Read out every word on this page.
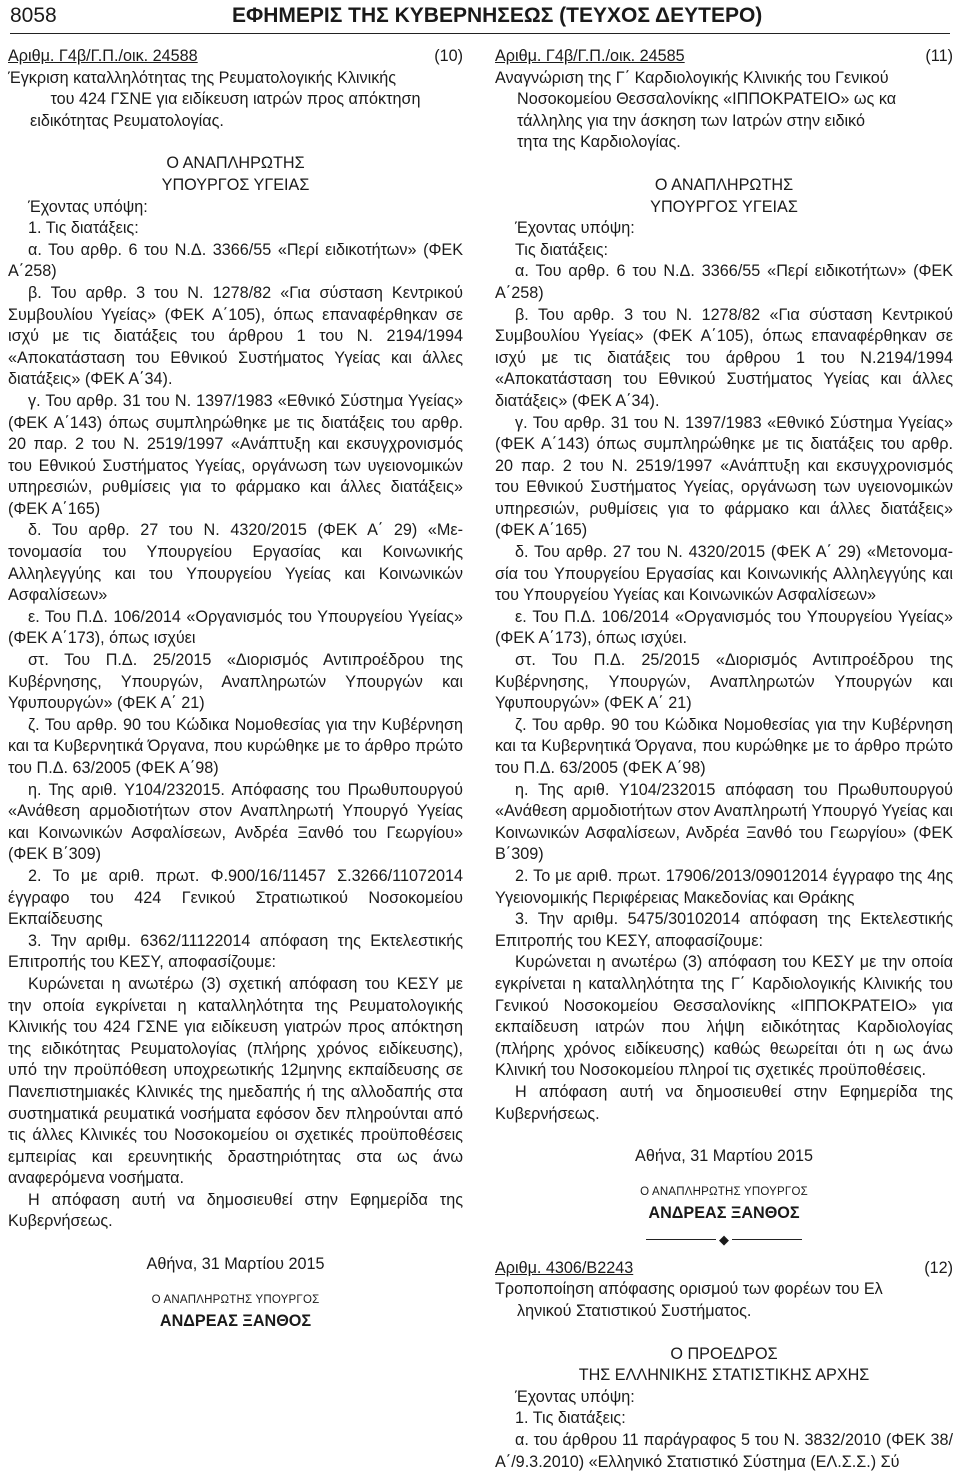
8058	ΕΦΗΜΕΡΙΣ ΤΗΣ ΚΥΒΕΡΝΗΣΕΩΣ (ΤΕΥΧΟΣ ΔΕΥΤΕΡΟ)
Αριθμ. Γ4β/Γ.Π./οικ. 24588	(10)
Έγκριση καταλληλότητας της Ρευματολογικής Κλινικής
του 424 ΓΣΝΕ για ειδίκευση ιατρών προς απόκτηση
ειδικότητας Ρευματολογίας.
Ο ΑΝΑΠΛΗΡΩΤΗΣ
ΥΠΟΥΡΓΟΣ ΥΓΕΙΑΣ
Έχοντας υπόψη:
1. Τις διατάξεις:

α. Του αρθρ. 6 του Ν.Δ. 3366/55 «Περί ειδικοτήτων» (ΦΕΚ Α΄258)

β. Του αρθρ. 3 του Ν. 1278/82 «Για σύσταση Κεντρικού Συμβουλίου Υγείας» (ΦΕΚ Α΄105), όπως επαναφέρθηκαν σε ισχύ με τις διατάξεις του άρθρου 1 του Ν. 2194/1994 «Αποκατάσταση του Εθνικού Συστήματος Υγείας και άλλες διατάξεις» (ΦΕΚ Α΄34).

γ. Του αρθρ. 31 του Ν. 1397/1983 «Εθνικό Σύστημα Υγείας» (ΦΕΚ Α΄143) όπως συμπληρώθηκε με τις διατάξεις του αρθρ. 20 παρ. 2 του Ν. 2519/1997 «Ανάπτυξη και εκσυγχρονισμός του Εθνικού Συστήματος Υγείας, οργάνωση των υγειονομικών υπηρεσιών, ρυθμίσεις για το φάρμακο και άλλες διατάξεις» (ΦΕΚ Α΄165)

δ. Του αρθρ. 27 του Ν. 4320/2015 (ΦΕΚ Α΄ 29) «Μετονομασία του Υπουργείου Εργασίας και Κοινωνικής Αλληλεγγύης και του Υπουργείου Υγείας και Κοινωνικών Ασφαλίσεων»

ε. Του Π.Δ. 106/2014 «Οργανισμός του Υπουργείου Υγείας» (ΦΕΚ Α΄173), όπως ισχύει

στ. Του Π.Δ. 25/2015 «Διορισμός Αντιπροέδρου της Κυβέρνησης, Υπουργών, Αναπληρωτών Υπουργών και Υφυπουργών» (ΦΕΚ Α΄ 21)

ζ. Του αρθρ. 90 του Κώδικα Νομοθεσίας για την Κυβέρνηση και τα Κυβερνητικά Όργανα, που κυρώθηκε με το άρθρο πρώτο του Π.Δ. 63/2005 (ΦΕΚ Α΄98)

η. Της αριθ. Υ104/232015. Απόφασης του Πρωθυπουργού «Ανάθεση αρμοδιοτήτων στον Αναπληρωτή Υπουργό Υγείας και Κοινωνικών Ασφαλίσεων, Ανδρέα Ξανθό του Γεωργίου» (ΦΕΚ Β΄309)

2. Το με αριθ. πρωτ. Φ.900/16/11457 Σ.3266/11072014 έγγραφο του 424 Γενικού Στρατιωτικού Νοσοκομείου Εκπαίδευσης

3. Την αριθμ. 6362/11122014 απόφαση της Εκτελεστικής Επιτροπής του ΚΕΣΥ, αποφασίζουμε:

Κυρώνεται η ανωτέρω (3) σχετική απόφαση του ΚΕΣΥ με την οποία εγκρίνεται η καταλληλότητα της Ρευματολογικής Κλινικής του 424 ΓΣΝΕ για ειδίκευση γιατρών προς απόκτηση της ειδικότητας Ρευματολογίας (πλήρης χρόνος ειδίκευσης), υπό την προϋπόθεση υποχρεωτικής 12μηνης εκπαίδευσης σε Πανεπιστημιακές Κλινικές της ημεδαπής ή της αλλοδαπής στα συστηματικά ρευματικά νοσήματα εφόσον δεν πληρούνται από τις άλλες Κλινικές του Νοσοκομείου οι σχετικές προϋποθέσεις εμπειρίας και ερευνητικής δραστηριότητας στα ως άνω αναφερόμενα νοσήματα.

Η απόφαση αυτή να δημοσιευθεί στην Εφημερίδα της Κυβερνήσεως.

Αθήνα, 31 Μαρτίου 2015
Ο ΑΝΑΠΛΗΡΩΤΗΣ ΥΠΟΥΡΓΟΣ
ΑΝΔΡΕΑΣ ΞΑΝΘΟΣ
Αριθμ. Γ4β/Γ.Π./οικ. 24585	(11)
Αναγνώριση της Γ΄ Καρδιολογικής Κλινικής του Γενικού
Νοσοκομείου Θεσσαλονίκης «ΙΠΠΟΚΡΑΤΕΙΟ» ως κα
τάλληλης για την άσκηση των Ιατρών στην ειδικό
τητα της Καρδιολογίας.
Ο ΑΝΑΠΛΗΡΩΤΗΣ
ΥΠΟΥΡΓΟΣ ΥΓΕΙΑΣ
Έχοντας υπόψη:
Τις διατάξεις:

α. Του αρθρ. 6 του Ν.Δ. 3366/55 «Περί ειδικοτήτων» (ΦΕΚ Α΄258)

β. Του αρθρ. 3 του Ν. 1278/82 «Για σύσταση Κεντρικού Συμβουλίου Υγείας» (ΦΕΚ Α΄105), όπως επαναφέρθηκαν σε ισχύ με τις διατάξεις του άρθρου 1 του Ν.2194/1994 «Αποκατάσταση του Εθνικού Συστήματος Υγείας και άλλες διατάξεις» (ΦΕΚ Α΄34).

γ. Του αρθρ. 31 του Ν. 1397/1983 «Εθνικό Σύστημα Υγείας» (ΦΕΚ Α΄143) όπως συμπληρώθηκε με τις διατάξεις του αρθρ. 20 παρ. 2 του Ν. 2519/1997 «Ανάπτυξη και εκσυγχρονισμός του Εθνικού Συστήματος Υγείας, οργάνωση των υγειονομικών υπηρεσιών, ρυθμίσεις για το φάρμακο και άλλες διατάξεις» (ΦΕΚ Α΄165)

δ. Του αρθρ. 27 του Ν. 4320/2015 (ΦΕΚ Α΄ 29) «Μετονομασία του Υπουργείου Εργασίας και Κοινωνικής Αλληλεγγύης και του Υπουργείου Υγείας και Κοινωνικών Ασφαλίσεων»

ε. Του Π.Δ. 106/2014 «Οργανισμός του Υπουργείου Υγείας» (ΦΕΚ Α΄173), όπως ισχύει.

στ. Του Π.Δ. 25/2015 «Διορισμός Αντιπροέδρου της Κυβέρνησης, Υπουργών, Αναπληρωτών Υπουργών και Υφυπουργών» (ΦΕΚ Α΄ 21)

ζ. Του αρθρ. 90 του Κώδικα Νομοθεσίας για την Κυβέρνηση και τα Κυβερνητικά Όργανα, που κυρώθηκε με το άρθρο πρώτο του Π.Δ. 63/2005 (ΦΕΚ Α΄98)

η. Της αριθ. Υ104/232015 απόφαση του Πρωθυπουργού «Ανάθεση αρμοδιοτήτων στον Αναπληρωτή Υπουργό Υγείας και Κοινωνικών Ασφαλίσεων, Ανδρέα Ξανθό του Γεωργίου» (ΦΕΚ Β΄309)

2. Το με αριθ. πρωτ. 17906/2013/09012014 έγγραφο της 4ης Υγειονομικής Περιφέρειας Μακεδονίας και Θράκης

3. Την αριθμ. 5475/30102014 απόφαση της Εκτελεστικής Επιτροπής του ΚΕΣΥ, αποφασίζουμε:

Κυρώνεται η ανωτέρω (3) απόφαση του ΚΕΣΥ με την οποία εγκρίνεται η καταλληλότητα της Γ΄ Καρδιολογικής Κλινικής του Γενικού Νοσοκομείου Θεσσαλονίκης «ΙΠΠΟΚΡΑΤΕΙΟ» για εκπαίδευση ιατρών που λήψη ειδικότητας Καρδιολογίας (πλήρης χρόνος ειδίκευσης) καθώς θεωρείται ότι η ως άνω Κλινική του Νοσοκομείου πληροί τις σχετικές προϋποθέσεις.

Η απόφαση αυτή να δημοσιευθεί στην Εφημερίδα της Κυβερνήσεως.

Αθήνα, 31 Μαρτίου 2015
Ο ΑΝΑΠΛΗΡΩΤΗΣ ΥΠΟΥΡΓΟΣ
ΑΝΔΡΕΑΣ ΞΑΝΘΟΣ
◆
Αριθμ. 4306/Β2243	(12)
Τροποποίηση απόφασης ορισμού των φορέων του Ελ
ληνικού Στατιστικού Συστήματος.
Ο ΠΡΟΕΔΡΟΣ
ΤΗΣ ΕΛΛΗΝΙΚΗΣ ΣΤΑΤΙΣΤΙΚΗΣ ΑΡΧΗΣ
Έχοντας υπόψη:
1. Τις διατάξεις:

α. του άρθρου 11 παράγραφος 5 του Ν. 3832/2010 (ΦΕΚ 38/Α΄/9.3.2010) «Ελληνικό Στατιστικό Σύστημα (ΕΛ.Σ.Σ.) Σύ
